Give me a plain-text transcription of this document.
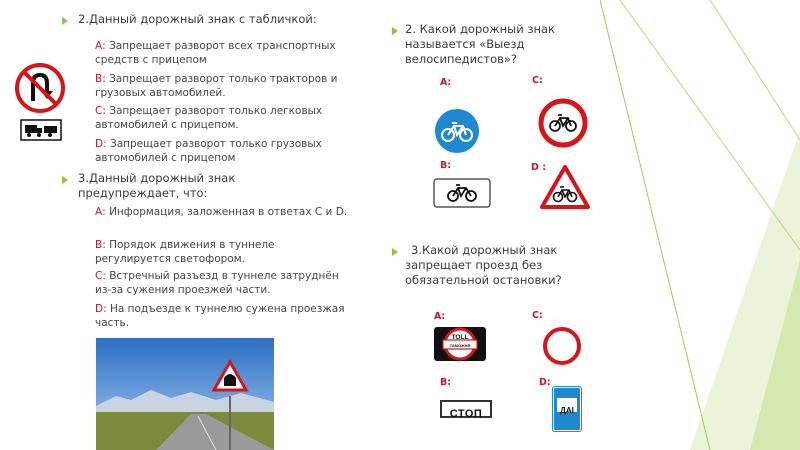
2.Данный дорожный знак с табличкой:
А: Запрещает разворот всех транспортных средств с прицепом
В: Запрещает разворот только тракторов и грузовых автомобилей.
С: Запрещает разворот только легковых автомобилей с прицепом.
D: Запрещает разворот только грузовых автомобилей с прицепом
3.Данный дорожный знак предупреждает, что:
А: Информация, заложенная в ответах С и D.
В: Порядок движения в туннеле регулируется светофором.
С: Встречный разъезд в туннеле затруднён из-за сужения проезжей части.
D: На подъезде к туннелю сужена проезжая часть.
2. Какой дорожный знак называется «Выезд велосипедистов»?
А:	С:
В:	D :
3.Какой дорожный знак запрещает проезд без обязательной остановки?
А:	С:
В:	D:
TOLL
ТАМОЖНЯ
СТОП	ДАІ
